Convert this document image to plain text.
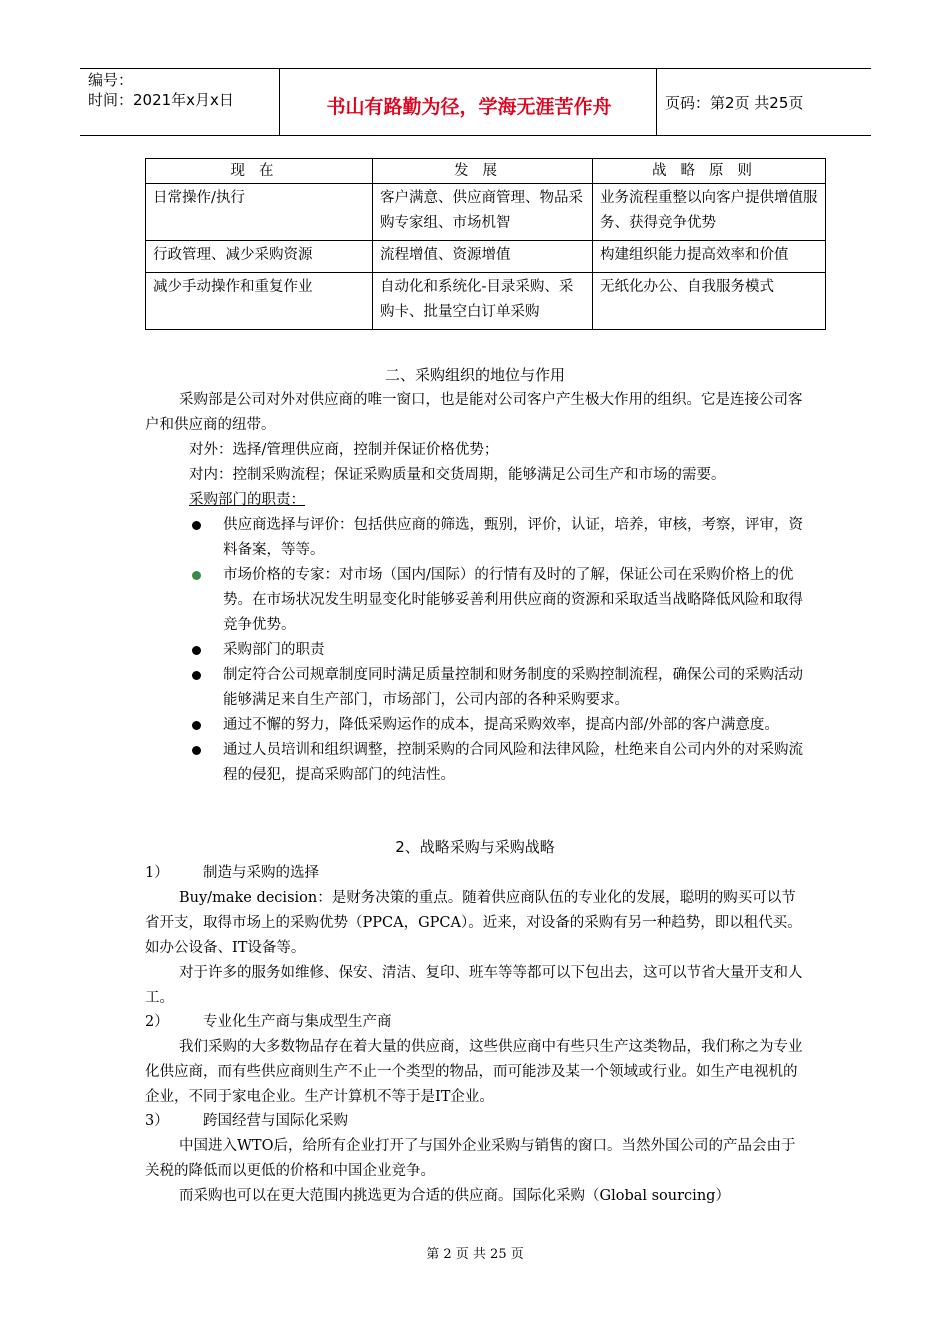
编号：
时间：2021年x月x日	书山有路勤为径，学海无涯苦作舟	页码：第2页 共25页
现在	发展	战略原则
日常操作/执行	客户满意、供应商管理、物品采购专家组、市场机智	业务流程重整以向客户提供增值服务、获得竞争优势
行政管理、减少采购资源	流程增值、资源增值	构建组织能力提高效率和价值
减少手动操作和重复作业	自动化和系统化-目录采购、采购卡、批量空白订单采购	无纸化办公、自我服务模式
二、采购组织的地位与作用
采购部是公司对外对供应商的唯一窗口，也是能对公司客户产生极大作用的组织。它是连接公司客户和供应商的纽带。
对外：选择/管理供应商，控制并保证价格优势；
对内：控制采购流程；保证采购质量和交货周期，能够满足公司生产和市场的需要。
采购部门的职责：
供应商选择与评价：包括供应商的筛选，甄别，评价，认证，培养，审核，考察，评审，资料备案，等等。
市场价格的专家：对市场（国内/国际）的行情有及时的了解，保证公司在采购价格上的优势。在市场状况发生明显变化时能够妥善利用供应商的资源和采取适当战略降低风险和取得竞争优势。
采购部门的职责
制定符合公司规章制度同时满足质量控制和财务制度的采购控制流程，确保公司的采购活动能够满足来自生产部门，市场部门，公司内部的各种采购要求。
通过不懈的努力，降低采购运作的成本，提高采购效率，提高内部/外部的客户满意度。
通过人员培训和组织调整，控制采购的合同风险和法律风险，杜绝来自公司内外的对采购流程的侵犯，提高采购部门的纯洁性。
2、战略采购与采购战略
1） 制造与采购的选择
Buy/make decision：是财务决策的重点。随着供应商队伍的专业化的发展，聪明的购买可以节省开支，取得市场上的采购优势（PPCA，GPCA）。近来，对设备的采购有另一种趋势，即以租代买。如办公设备、IT设备等。
对于许多的服务如维修、保安、清洁、复印、班车等等都可以下包出去，这可以节省大量开支和人工。
2） 专业化生产商与集成型生产商
我们采购的大多数物品存在着大量的供应商，这些供应商中有些只生产这类物品，我们称之为专业化供应商，而有些供应商则生产不止一个类型的物品，而可能涉及某一个领域或行业。如生产电视机的企业，不同于家电企业。生产计算机不等于是IT企业。
3） 跨国经营与国际化采购
中国进入WTO后，给所有企业打开了与国外企业采购与销售的窗口。当然外国公司的产品会由于关税的降低而以更低的价格和中国企业竞争。
而采购也可以在更大范围内挑选更为合适的供应商。国际化采购（Global sourcing）
第 2 页 共 25 页
